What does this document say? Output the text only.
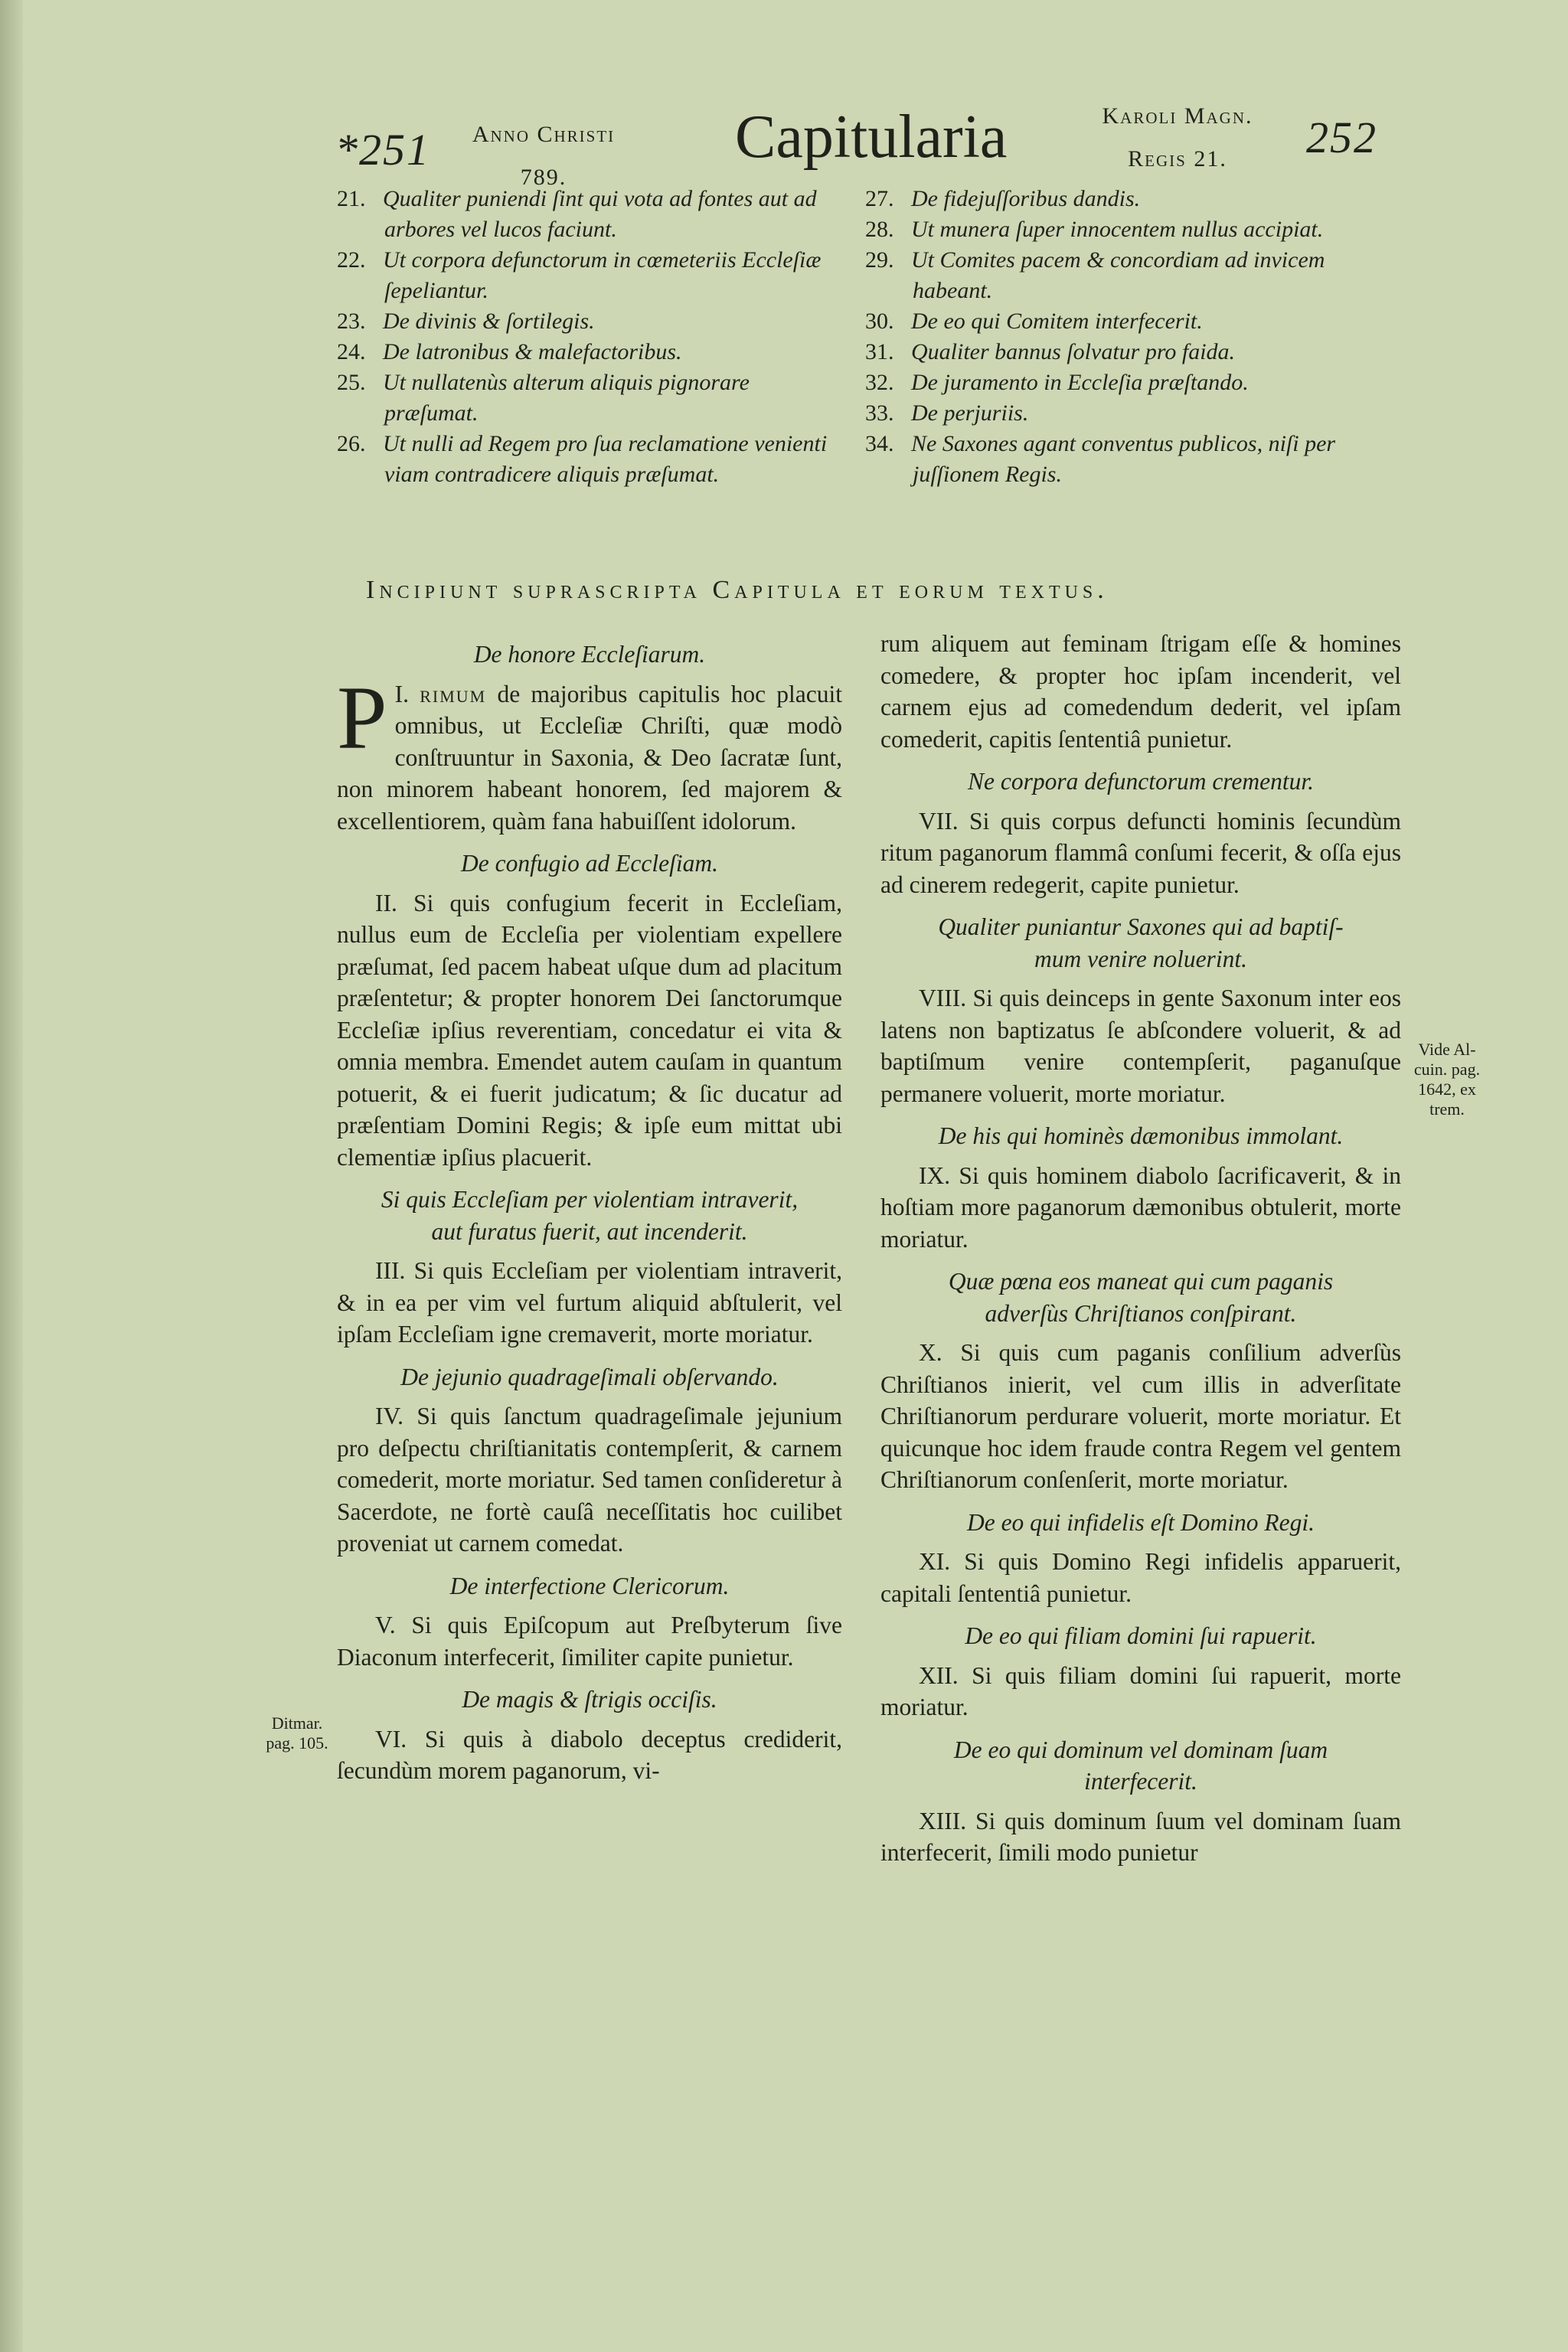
*251	Anno Christi
789.
Capitularia	Karoli Magn.
Regis 21.	252

21. Qualiter puniendi ſint qui vota ad fontes aut ad arbores vel lucos faciunt.

22. Ut corpora defunctorum in cœmeteriis Eccleſiæ ſepeliantur.

23. De divinis & ſortilegis.

24. De latronibus & malefactoribus.

25. Ut nullatenùs alterum aliquis pignorare præſumat.

26. Ut nulli ad Regem pro ſua reclamatione venienti viam contradicere aliquis præſumat.

27. De fidejuſſoribus dandis.

28. Ut munera ſuper innocentem nullus accipiat.

29. Ut Comites pacem & concordiam ad invicem habeant.

30. De eo qui Comitem interfecerit.

31. Qualiter bannus ſolvatur pro faida.

32. De juramento in Eccleſia præſtando.

33. De perjuriis.

34. Ne Saxones agant conventus publicos, niſi per juſſionem Regis.

Incipiunt suprascripta Capitula et eorum textus.
De honore Eccleſiarum.

I.
P rimum de majoribus capitulis hoc placuit omnibus, ut Eccleſiæ Chriſti, quæ modò conſtruuntur in Saxonia, & Deo ſacratæ ſunt, non minorem habeant honorem, ſed majorem & excellentiorem, quàm fana habuiſſent idolorum.

De confugio ad Eccleſiam.

II. Si quis confugium fecerit in Eccleſiam, nullus eum de Eccleſia per violentiam expellere præſumat, ſed pacem habeat uſque dum ad placitum præſentetur; & propter honorem Dei ſanctorumque Eccleſiæ ipſius reverentiam, concedatur ei vita & omnia membra. Emendet autem cauſam in quantum potuerit, & ei fuerit judicatum; & ſic ducatur ad præſentiam Domini Regis; & ipſe eum mittat ubi clementiæ ipſius placuerit.

Si quis Eccleſiam per violentiam intraverit,
aut furatus fuerit, aut incenderit.

III. Si quis Eccleſiam per violentiam intraverit, & in ea per vim vel furtum aliquid abſtulerit, vel ipſam Eccleſiam igne cremaverit, morte moriatur.

De jejunio quadrageſimali obſervando.

IV. Si quis ſanctum quadrageſimale jejunium pro deſpectu chriſtianitatis contempſerit, & carnem comederit, morte moriatur. Sed tamen conſideretur à Sacerdote, ne fortè cauſâ neceſſitatis hoc cuilibet proveniat ut carnem comedat.

De interfectione Clericorum.

V. Si quis Epiſcopum aut Preſbyterum ſive Diaconum interfecerit, ſimiliter capite punietur.

De magis & ſtrigis occiſis.

VI. Si quis à diabolo deceptus crediderit, ſecundùm morem paganorum, vi-

rum aliquem aut feminam ſtrigam eſſe & homines comedere, & propter hoc ipſam incenderit, vel carnem ejus ad comedendum dederit, vel ipſam comederit, capitis ſententiâ punietur.

Ne corpora defunctorum crementur.

VII. Si quis corpus defuncti hominis ſecundùm ritum paganorum flammâ conſumi fecerit, & oſſa ejus ad cinerem redegerit, capite punietur.

Qualiter puniantur Saxones qui ad baptiſ-
mum venire noluerint.

VIII. Si quis deinceps in gente Saxonum inter eos latens non baptizatus ſe abſcondere voluerit, & ad baptiſmum venire contempſerit, paganuſque permanere voluerit, morte moriatur.

De his qui hominès dæmonibus immolant.

IX. Si quis hominem diabolo ſacrificaverit, & in hoſtiam more paganorum dæmonibus obtulerit, morte moriatur.

Quæ pœna eos maneat qui cum paganis
adverſùs Chriſtianos conſpirant.

X. Si quis cum paganis conſilium adverſùs Chriſtianos inierit, vel cum illis in adverſitate Chriſtianorum perdurare voluerit, morte moriatur. Et quicunque hoc idem fraude contra Regem vel gentem Chriſtianorum conſenſerit, morte moriatur.

De eo qui infidelis eſt Domino Regi.

XI. Si quis Domino Regi infidelis apparuerit, capitali ſententiâ punietur.

De eo qui filiam domini ſui rapuerit.

XII. Si quis filiam domini ſui rapuerit, morte moriatur.

De eo qui dominum vel dominam ſuam
interfecerit.

XIII. Si quis dominum ſuum vel dominam ſuam interfecerit, ſimili modo punietur

Ditmar.
pag. 105.
Vide Al-
cuin. pag.
1642, ex
trem.
